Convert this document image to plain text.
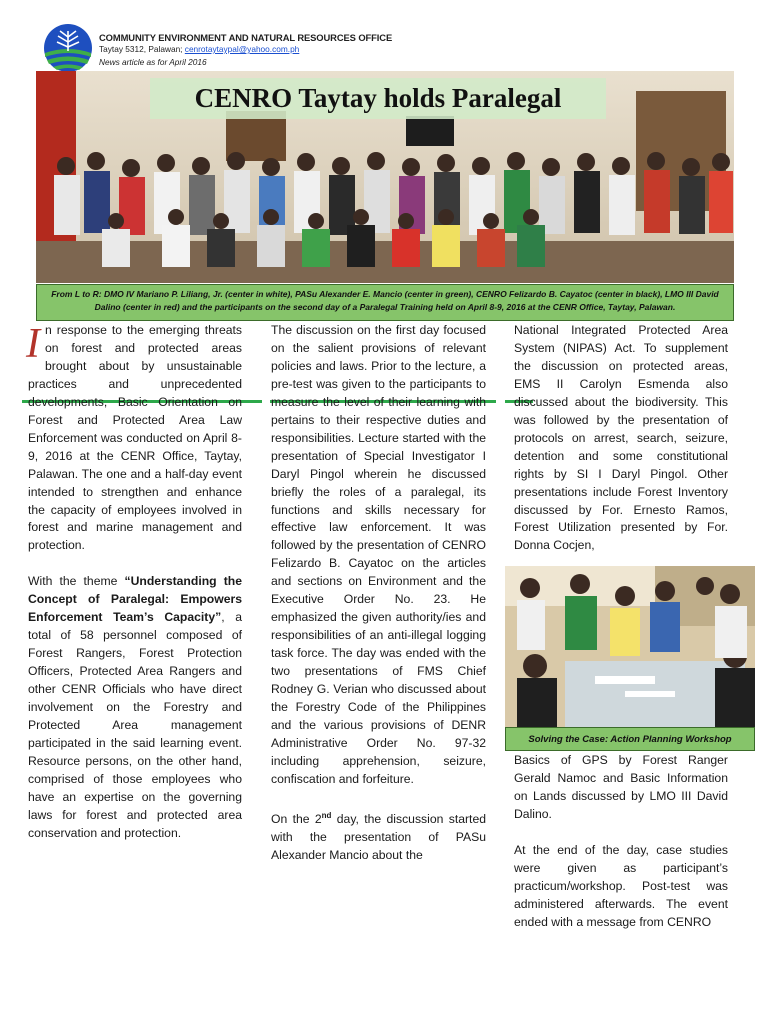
COMMUNITY ENVIRONMENT AND NATURAL RESOURCES OFFICE
Taytay 5312, Palawan; cenrotaytaypal@yahoo.com.ph
News article as for April 2016
CENRO Taytay holds Paralegal
From L to R: DMO IV Mariano P. Liliang, Jr. (center in white), PASu Alexander E. Mancio (center in green), CENRO Felizardo B. Cayatoc (center in black), LMO III David Dalino (center in red) and the participants on the second day of a Paralegal Training held on April 8-9, 2016 at the CENR Office, Taytay, Palawan.

In response to the emerging threats on forest and protected areas brought about by unsustainable practices and unprecedented developments, Basic Orientation on Forest and Protected Area Law Enforcement was conducted on April 8-9, 2016 at the CENR Office, Taytay, Palawan. The one and a half-day event intended to strengthen and enhance the capacity of employees involved in forest and marine management and protection.

With the theme “Understanding the Concept of Paralegal: Empowers Enforcement Team’s Capacity”, a total of 58 personnel composed of Forest Rangers, Forest Protection Officers, Protected Area Rangers and other CENR Officials who have direct involvement on the Forestry and Protected Area management participated in the said learning event. Resource persons, on the other hand, comprised of those employees who have an expertise on the governing laws for forest and protected area conservation and protection.

The discussion on the first day focused on the salient provisions of relevant policies and laws. Prior to the lecture, a pre-test was given to the participants to measure the level of their learning with pertains to their respective duties and responsibilities. Lecture started with the presentation of Special Investigator I Daryl Pingol wherein he discussed briefly the roles of a paralegal, its functions and skills necessary for effective law enforcement. It was followed by the presentation of CENRO Felizardo B. Cayatoc on the articles and sections on Environment and the Executive Order No. 23. He emphasized the given authority/ies and responsibilities of an anti-illegal logging task force. The day was ended with the two presentations of FMS Chief Rodney G. Verian who discussed about the Forestry Code of the Philippines and the various provisions of DENR Administrative Order No. 97-32 including apprehension, seizure, confiscation and forfeiture.

On the 2nd day, the discussion started with the presentation of PASu Alexander Mancio about the

National Integrated Protected Area System (NIPAS) Act. To supplement the discussion on protected areas, EMS II Carolyn Esmenda also discussed about the biodiversity. This was followed by the presentation of protocols on arrest, search, seizure, detention and some constitutional rights by SI I Daryl Pingol. Other presentations include Forest Inventory discussed by For. Ernesto Ramos, Forest Utilization presented by For. Donna Cocjen,

Basics of GPS by Forest Ranger Gerald Namoc and Basic Information on Lands discussed by LMO III David Dalino.

At the end of the day, case studies were given as participant’s practicum/workshop. Post-test was administered afterwards. The event ended with a message from CENRO

Solving the Case: Action Planning Workshop
